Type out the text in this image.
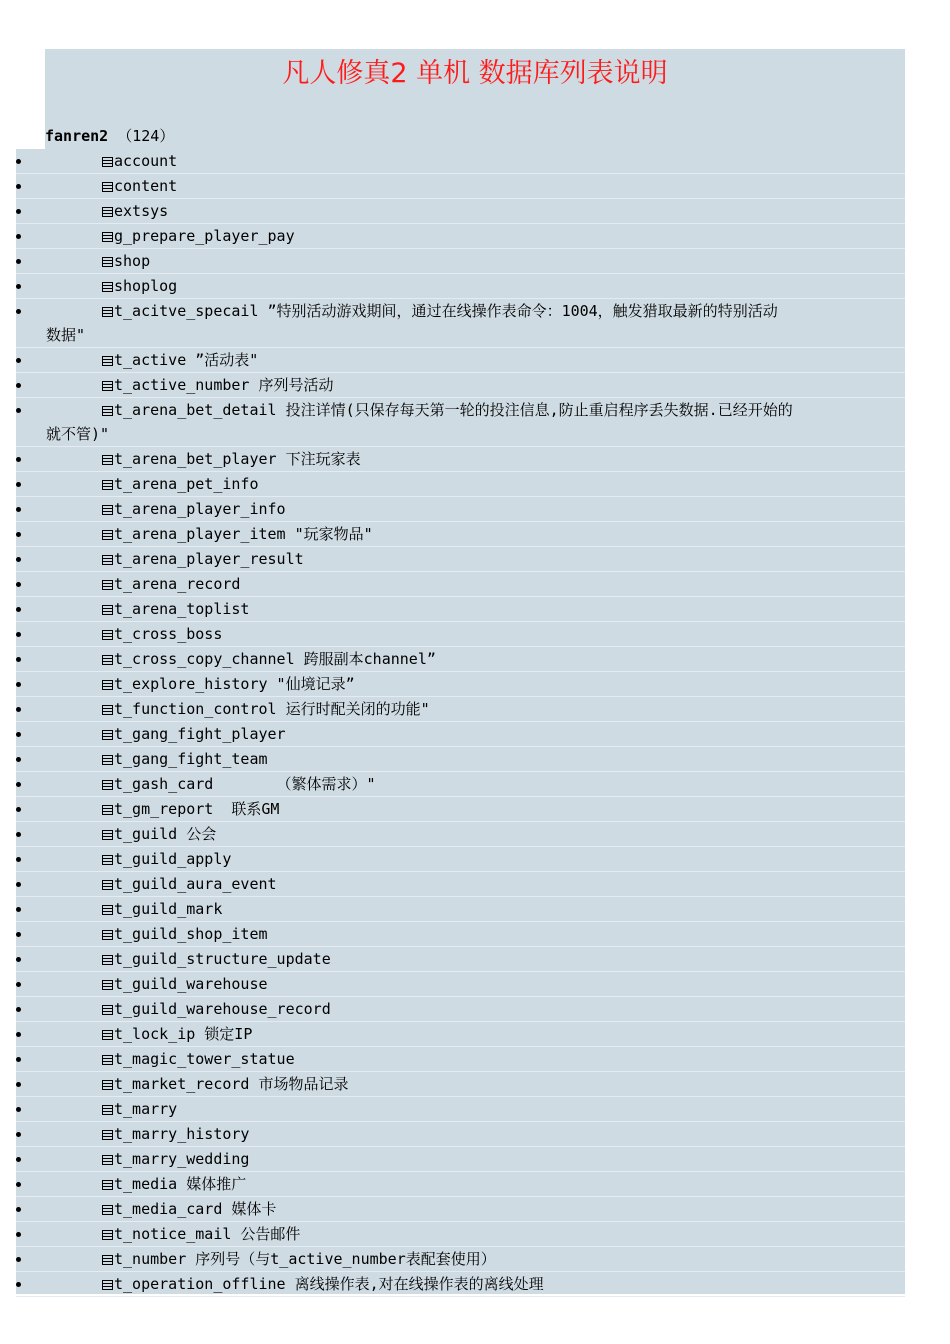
凡人修真2 单机 数据库列表说明
fanren2 （124）
account
content
extsys
g_prepare_player_pay
shop
shoplog
t_acitve_specail ”特别活动游戏期间，通过在线操作表命令：1004，触发猎取最新的特别活动
数据"
t_active ”活动表"
t_active_number 序列号活动
t_arena_bet_detail 投注详情(只保存每天第一轮的投注信息,防止重启程序丢失数据.已经开始的
就不管)"
t_arena_bet_player 下注玩家表
t_arena_pet_info
t_arena_player_info
t_arena_player_item "玩家物品"
t_arena_player_result
t_arena_record
t_arena_toplist
t_cross_boss
t_cross_copy_channel 跨服副本channel”
t_explore_history "仙境记录”
t_function_control 运行时配关闭的功能"
t_gang_fight_player
t_gang_fight_team
t_gash_card       （繁体需求）"
t_gm_report  联系GM
t_guild 公会
t_guild_apply
t_guild_aura_event
t_guild_mark
t_guild_shop_item
t_guild_structure_update
t_guild_warehouse
t_guild_warehouse_record
t_lock_ip 锁定IP
t_magic_tower_statue
t_market_record 市场物品记录
t_marry
t_marry_history
t_marry_wedding
t_media 媒体推广
t_media_card 媒体卡
t_notice_mail 公告邮件
t_number 序列号（与t_active_number表配套使用）
t_operation_offline 离线操作表,对在线操作表的离线处理
